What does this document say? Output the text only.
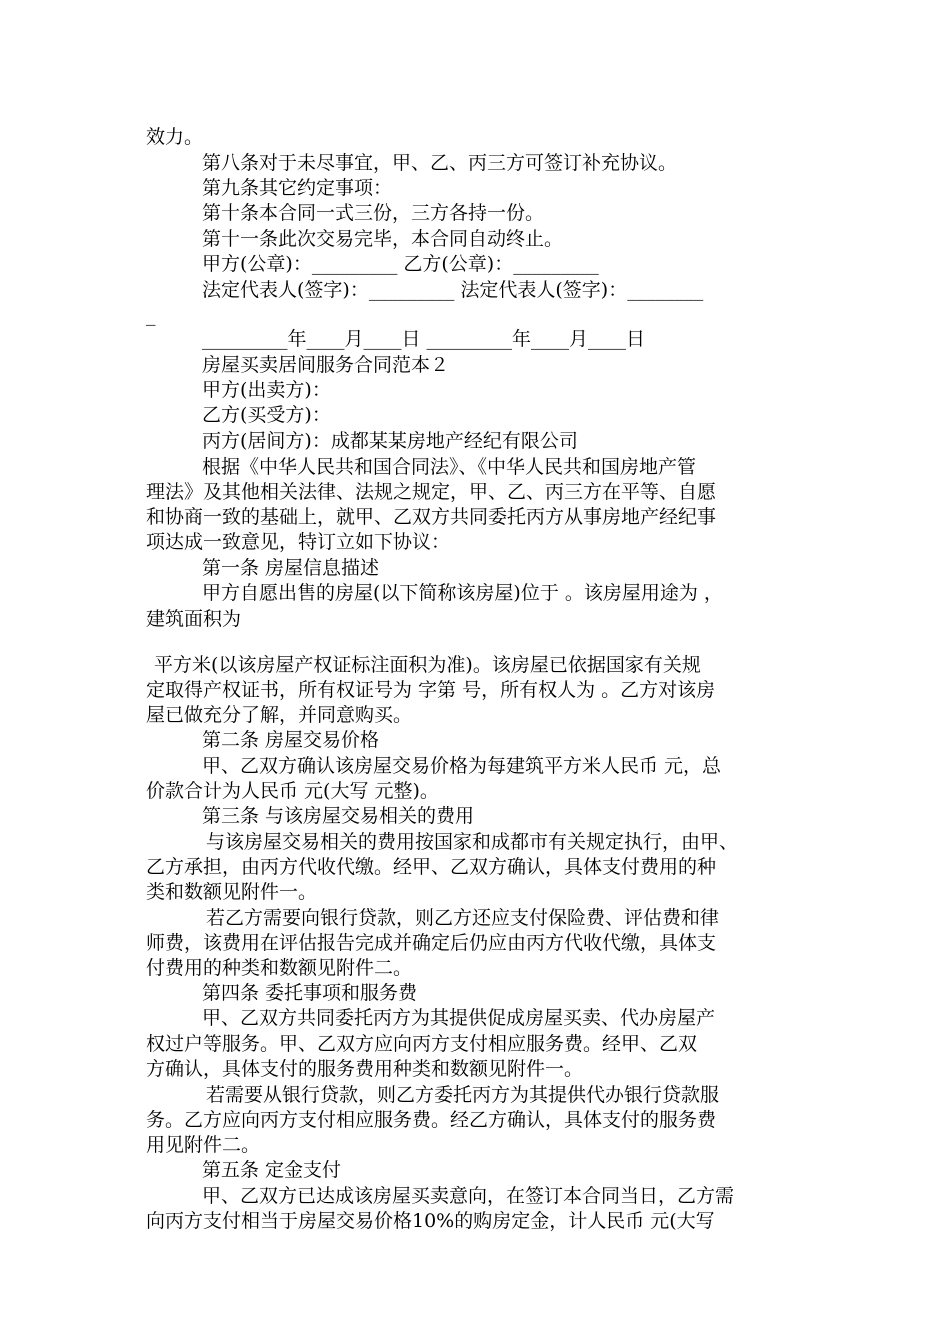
效力。
第八条对于未尽事宜，甲、乙、丙三方可签订补充协议。
第九条其它约定事项：
第十条本合同一式三份，三方各持一份。
第十一条此次交易完毕，本合同自动终止。
甲方(公章)：_________ 乙方(公章)：_________
法定代表人(签字)：_________ 法定代表人(签字)：________
_
_________年____月____日 _________年____月____日
房屋买卖居间服务合同范本２
甲方(出卖方)：
乙方(买受方)：
丙方(居间方)：成都某某房地产经纪有限公司
根据《中华人民共和国合同法》、《中华人民共和国房地产管
理法》及其他相关法律、法规之规定，甲、乙、丙三方在平等、自愿
和协商一致的基础上，就甲、乙双方共同委托丙方从事房地产经纪事
项达成一致意见，特订立如下协议：
第一条 房屋信息描述
甲方自愿出售的房屋(以下简称该房屋)位于 。该房屋用途为 ，
建筑面积为
平方米(以该房屋产权证标注面积为准)。该房屋已依据国家有关规
定取得产权证书，所有权证号为 字第 号，所有权人为 。乙方对该房
屋已做充分了解，并同意购买。
第二条 房屋交易价格
甲、乙双方确认该房屋交易价格为每建筑平方米人民币 元，总
价款合计为人民币 元(大写 元整)。
第三条 与该房屋交易相关的费用
与该房屋交易相关的费用按国家和成都市有关规定执行，由甲、
乙方承担，由丙方代收代缴。经甲、乙双方确认，具体支付费用的种
类和数额见附件一。
若乙方需要向银行贷款，则乙方还应支付保险费、评估费和律
师费，该费用在评估报告完成并确定后仍应由丙方代收代缴，具体支
付费用的种类和数额见附件二。
第四条 委托事项和服务费
甲、乙双方共同委托丙方为其提供促成房屋买卖、代办房屋产
权过户等服务。甲、乙双方应向丙方支付相应服务费。经甲、乙双
方确认，具体支付的服务费用种类和数额见附件一。
若需要从银行贷款，则乙方委托丙方为其提供代办银行贷款服
务。乙方应向丙方支付相应服务费。经乙方确认，具体支付的服务费
用见附件二。
第五条 定金支付
甲、乙双方已达成该房屋买卖意向，在签订本合同当日，乙方需
向丙方支付相当于房屋交易价格10%的购房定金，计人民币 元(大写
